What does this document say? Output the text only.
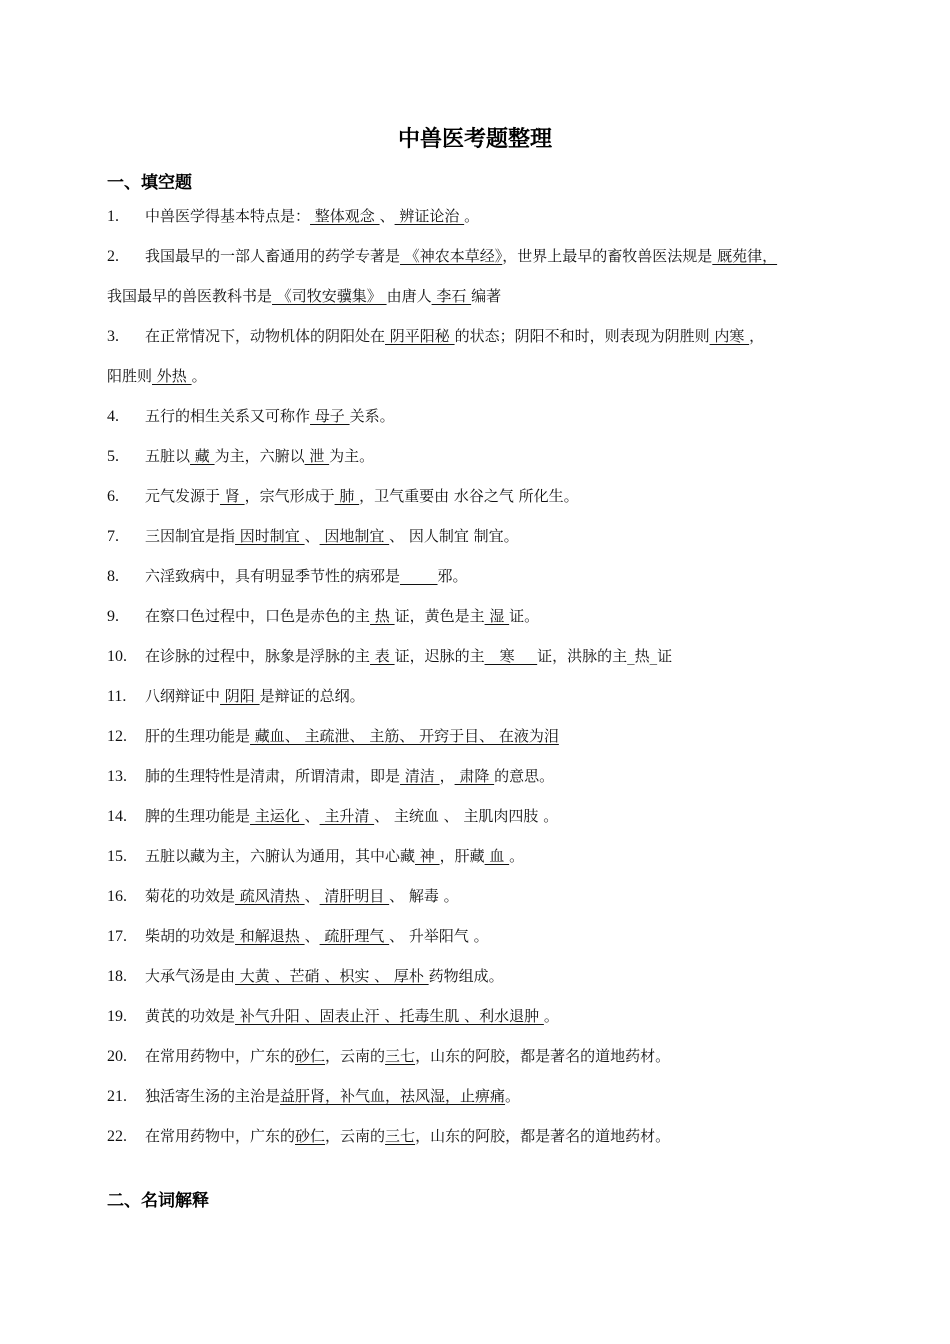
中兽医考题整理
一、填空题
1. 中兽医学得基本特点是： 整体观念 、 辨证论治 。
2. 我国最早的一部人畜通用的药学专著是 《神农本草经》，世界上最早的畜牧兽医法规是 厩苑律，
我国最早的兽医教科书是 《司牧安骥集》 由唐人 李石 编著
3. 在正常情况下，动物机体的阴阳处在 阴平阳秘 的状态；阴阳不和时，则表现为阴胜则 内寒 ，
阳胜则 外热 。
4. 五行的相生关系又可称作 母子 关系。
5. 五脏以 藏 为主，六腑以 泄 为主。
6. 元气发源于 肾 ，宗气形成于 肺 ，卫气重要由 水谷之气 所化生。
7. 三因制宜是指 因时制宜 、 因地制宜 、 因人制宜 制宜。
8. 六淫致病中，具有明显季节性的病邪是_____邪。
9. 在察口色过程中，口色是赤色的主 热 证，黄色是主 湿 证。
10. 在诊脉的过程中，脉象是浮脉的主 表 证，迟脉的主__寒___证，洪脉的主_热_证
11. 八纲辩证中 阴阳 是辩证的总纲。
12. 肝的生理功能是 藏血、 主疏泄、 主筋、 开窍于目、 在液为泪
13. 肺的生理特性是清肃，所谓清肃，即是 清洁 ， 肃降 的意思。
14. 脾的生理功能是 主运化 、 主升清 、 主统血 、 主肌肉四肢 。
15. 五脏以藏为主，六腑认为通用，其中心藏 神 ，肝藏 血 。
16. 菊花的功效是 疏风清热 、 清肝明目 、 解毒 。
17. 柴胡的功效是 和解退热 、 疏肝理气 、 升举阳气 。
18. 大承气汤是由 大黄 、芒硝 、枳实 、 厚朴 药物组成。
19. 黄芪的功效是 补气升阳 、固表止汗 、托毒生肌 、利水退肿 。
20. 在常用药物中，广东的砂仁，云南的三七，山东的阿胶，都是著名的道地药材。
21. 独活寄生汤的主治是益肝肾，补气血，祛风湿，止痹痛。
22. 在常用药物中，广东的砂仁，云南的三七，山东的阿胶，都是著名的道地药材。
二、名词解释
